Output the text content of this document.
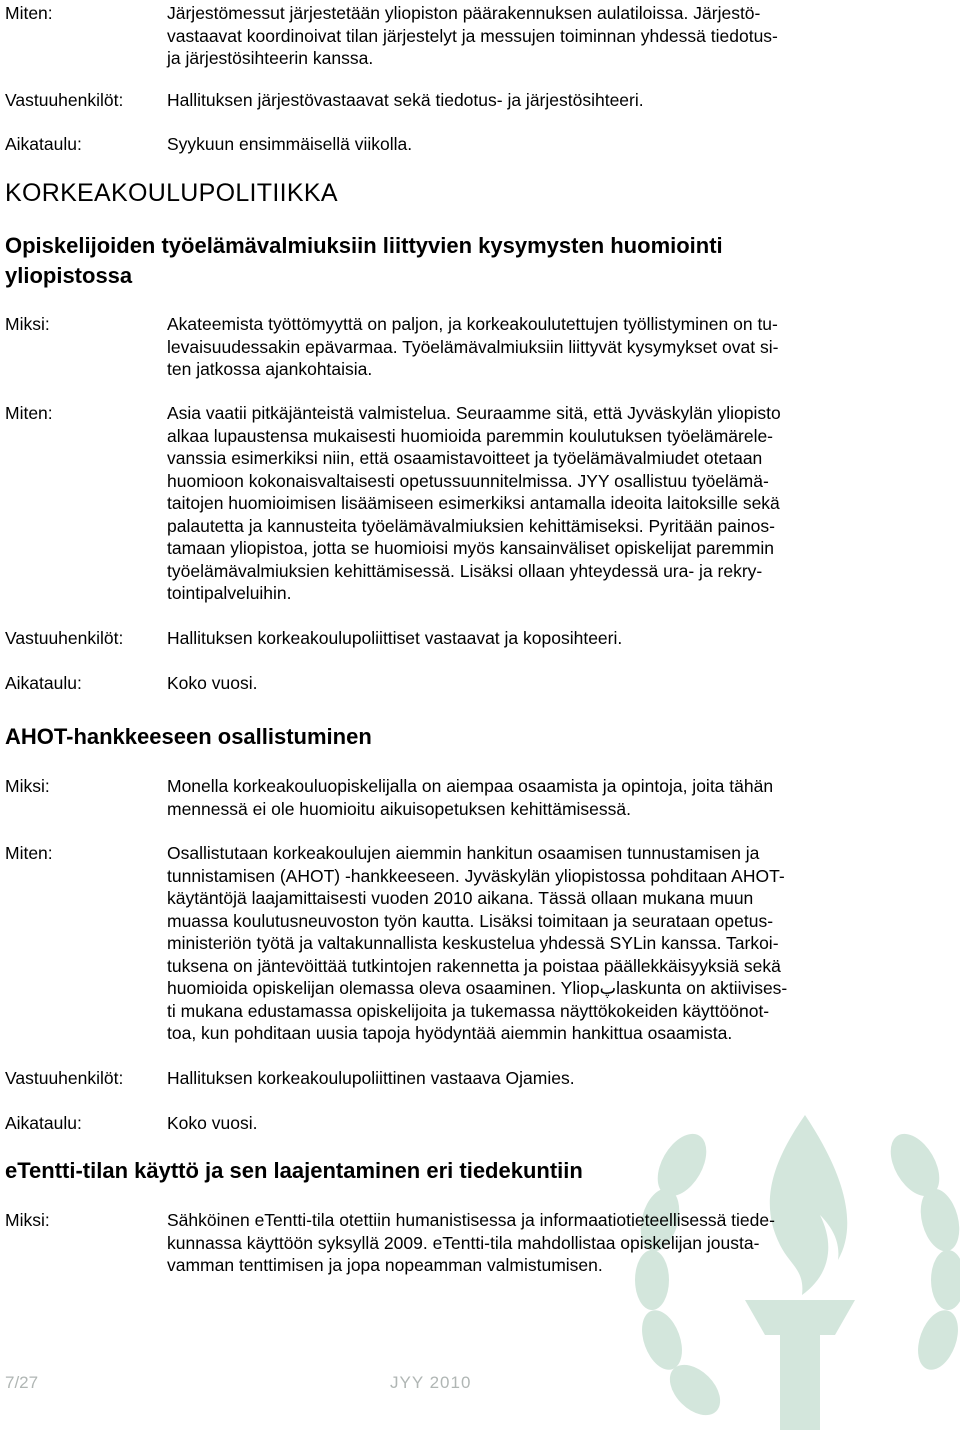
Miten:	Järjestömessut järjestetään yliopiston päärakennuksen aulatiloissa. Järjestö-
vastaavat koordinoivat tilan järjestelyt ja messujen toiminnan yhdessä tiedotus-
ja järjestösihteerin kanssa.
Vastuuhenkilöt: Hallituksen järjestövastaavat sekä tiedotus- ja järjestösihteeri.
Aikataulu:	Syykuun ensimmäisellä viikolla.
KORKEAKOULUPOLITIIKKA
Opiskelijoiden työelämävalmiuksiin liittyvien kysymysten huomiointi
yliopistossa
Miksi:	Akateemista työttömyyttä on paljon, ja korkeakoulutettujen työllistyminen on tu-
levaisuudessakin epävarmaa. Työelämävalmiuksiin liittyvät kysymykset ovat si-
ten jatkossa ajankohtaisia.
Miten:	Asia vaatii pitkäjänteistä valmistelua. Seuraamme sitä, että Jyväskylän yliopisto
alkaa lupaustensa mukaisesti huomioida paremmin koulutuksen työelämärele-
vanssia esimerkiksi niin, että osaamistavoitteet ja työelämävalmiudet otetaan
huomioon kokonaisvaltaisesti opetussuunnitelmissa. JYY osallistuu työelämä-
taitojen huomioimisen lisäämiseen esimerkiksi antamalla ideoita laitoksille sekä
palautetta ja kannusteita työelämävalmiuksien kehittämiseksi. Pyritään painos-
tamaan yliopistoa, jotta se huomioisi myös kansainväliset opiskelijat paremmin
työelämävalmiuksien kehittämisessä. Lisäksi ollaan yhteydessä ura- ja rekry-
tointipalveluihin.
Vastuuhenkilöt: Hallituksen korkeakoulupoliittiset vastaavat ja koposihteeri.
Aikataulu:	Koko vuosi.
AHOT-hankkeeseen osallistuminen
Miksi:	Monella korkeakouluopiskelijalla on aiempaa osaamista ja opintoja, joita tähän
mennessä ei ole huomioitu aikuisopetuksen kehittämisessä.
Miten:	Osallistutaan korkeakoulujen aiemmin hankitun osaamisen tunnustamisen ja
tunnistamisen (AHOT) -hankkeeseen. Jyväskylän yliopistossa pohditaan AHOT-
käytäntöjä laajamittaisesti vuoden 2010 aikana. Tässä ollaan mukana muun
muassa koulutusneuvoston työn kautta. Lisäksi toimitaan ja seurataan opetus-
ministeriön työtä ja valtakunnallista keskustelua yhdessä SYLin kanssa. Tarkoi-
tuksena on jäntevöittää tutkintojen rakennetta ja poistaa päällekkäisyyksiä sekä
huomioida opiskelijan olemassa oleva osaaminen. Yliopپlaskunta on aktiivises-
ti mukana edustamassa opiskelijoita ja tukemassa näyttökokeiden käyttöönot-
toa, kun pohditaan uusia tapoja hyödyntää aiemmin hankittua osaamista.
Vastuuhenkilöt: Hallituksen korkeakoulupoliittinen vastaava Ojamies.
Aikataulu:	Koko vuosi.
eTentti-tilan käyttö ja sen laajentaminen eri tiedekuntiin
Miksi:	Sähköinen eTentti-tila otettiin humanistisessa ja informaatiotieteellisessä tiede-
kunnassa käyttöön syksyllä 2009. eTentti-tila mahdollistaa opiskelijan jousta-
vamman tenttimisen ja jopa nopeamman valmistumisen.
7/27	JYY 2010
